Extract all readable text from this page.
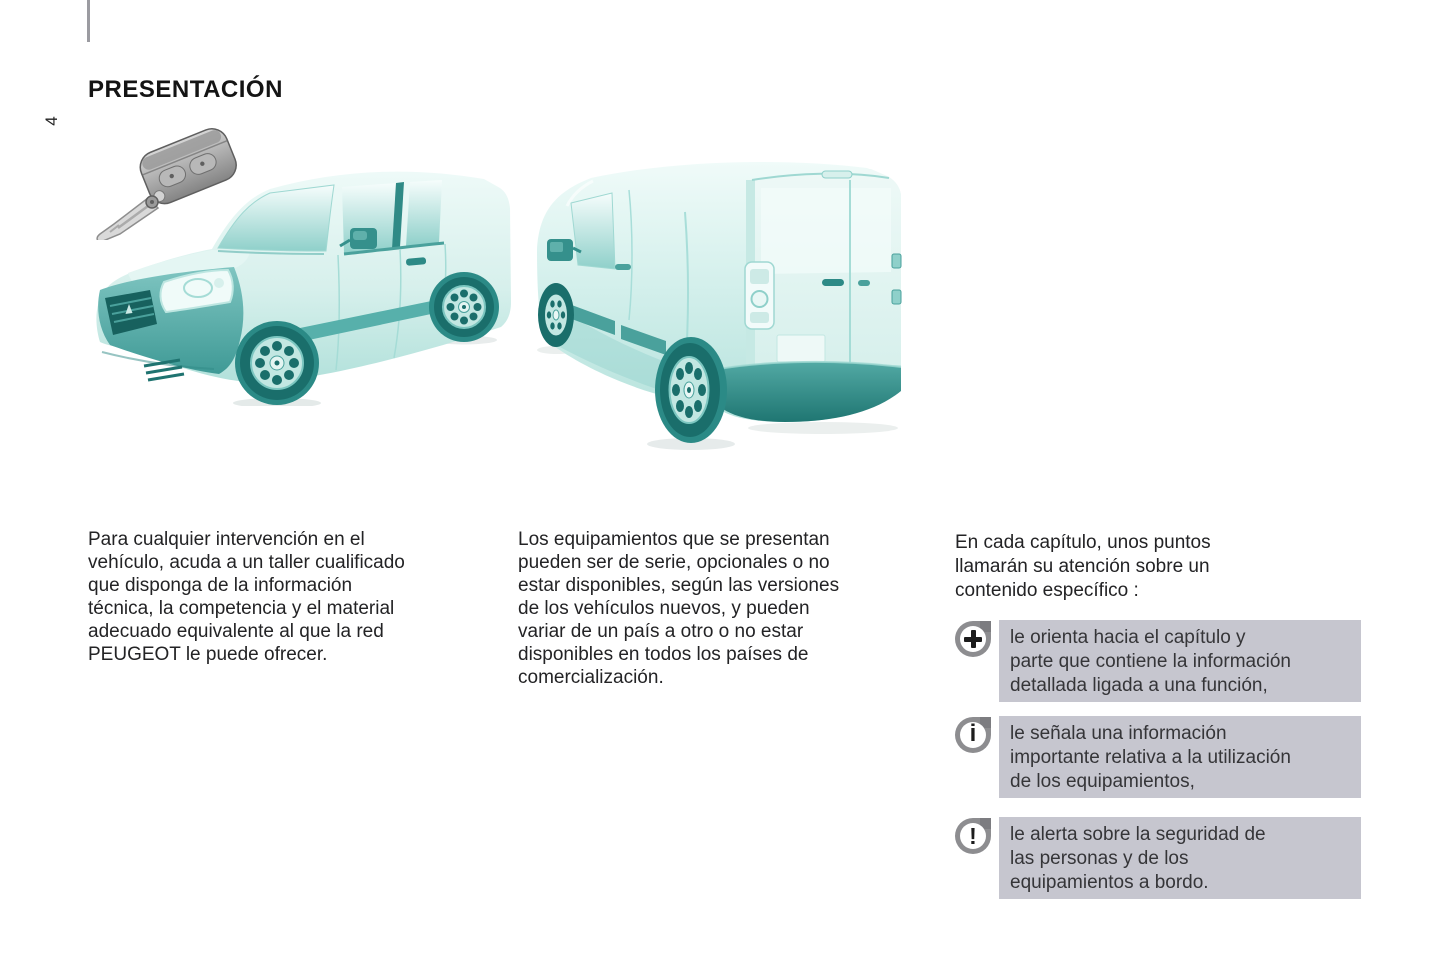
PRESENTACIÓN
4
Para cualquier intervención en el
vehículo, acuda a un taller cualificado
que disponga de la información
técnica, la competencia y el material
adecuado equivalente al que la red
PEUGEOT le puede ofrecer.
Los equipamientos que se presentan
pueden ser de serie, opcionales o no
estar disponibles, según las versiones
de los vehículos nuevos, y pueden
variar de un país a otro o no estar
disponibles en todos los países de
comercialización.
En cada capítulo, unos puntos
llamarán su atención sobre un
contenido específico :
le orienta hacia el capítulo y
parte que contiene la información
detallada ligada a una función,
i	le señala una información
importante relativa a la utilización
de los equipamientos,
!	le alerta sobre la seguridad de
las personas y de los
equipamientos a bordo.
